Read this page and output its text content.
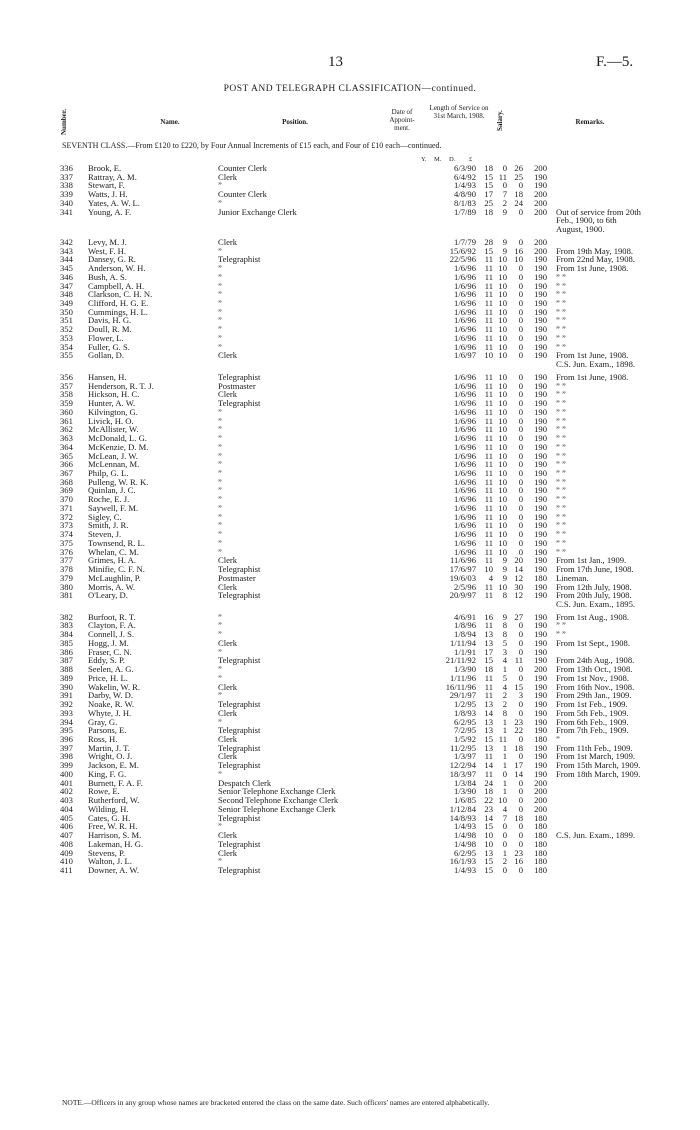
13	F.—5.
POST AND TELEGRAPH CLASSIFICATION—continued.
Number.	Name.	Position.
Date of Appoint- ment.
Length of Service on 31st March, 1908.	Salary.	Remarks.
SEVENTH CLASS.—From £120 to £220, by Four Annual Increments of £15 each, and Four of £10 each—continued.
Y. M. D. £
336	Brook, E.	Counter Clerk	6/3/90	18	0	26	200	
337	Rattray, A. M.	Clerk	6/4/92	15	11	25	190	
338	Stewart, F.	”	1/4/93	15	0	0	190	
339	Watts, J. H.	Counter Clerk	4/8/90	17	7	18	200	
340	Yates, A. W. L.	”	8/1/83	25	2	24	200	
341	Young, A. F.	Junior Exchange Clerk	1/7/89	18	9	0	200	Out of service from 20th
								Feb., 1900, to 6th
								August, 1900.

342	Levy, M. J.	Clerk	1/7/79	28	9	0	200	
343	West, F. H.	”	15/6/92	15	9	16	200	From 19th May, 1908.
344	Dansey, G. R.	Telegraphist	22/5/96	11	10	10	190	From 22nd May, 1908.
345	Anderson, W. H.	”	1/6/96	11	10	0	190	From 1st June, 1908.
346	Bush, A. S.	”	1/6/96	11	10	0	190	” ”
347	Campbell, A. H.	”	1/6/96	11	10	0	190	” ”
348	Clarkson, C. H. N.	”	1/6/96	11	10	0	190	” ”
349	Clifford, H. G. E.	”	1/6/96	11	10	0	190	” ”
350	Cummings, H. L.	”	1/6/96	11	10	0	190	” ”
351	Davis, H. G.	”	1/6/96	11	10	0	190	” ”
352	Doull, R. M.	”	1/6/96	11	10	0	190	” ”
353	Flower, L.	”	1/6/96	11	10	0	190	” ”
354	Fuller, G. S.	”	1/6/96	11	10	0	190	” ”
355	Gollan, D.	Clerk	1/6/97	10	10	0	190	From 1st June, 1908.
								C.S. Jun. Exam., 1898.

356	Hansen, H.	Telegraphist	1/6/96	11	10	0	190	From 1st June, 1908.
357	Henderson, R. T. J.	Postmaster	1/6/96	11	10	0	190	” ”
358	Hickson, H. C.	Clerk	1/6/96	11	10	0	190	” ”
359	Hunter, A. W.	Telegraphist	1/6/96	11	10	0	190	” ”
360	Kilvington, G.	”	1/6/96	11	10	0	190	” ”
361	Livick, H. O.	”	1/6/96	11	10	0	190	” ”
362	McAllister, W.	”	1/6/96	11	10	0	190	” ”
363	McDonald, L. G.	”	1/6/96	11	10	0	190	” ”
364	McKenzie, D. M.	”	1/6/96	11	10	0	190	” ”
365	McLean, J. W.	”	1/6/96	11	10	0	190	” ”
366	McLennan, M.	”	1/6/96	11	10	0	190	” ”
367	Philp, G. L.	”	1/6/96	11	10	0	190	” ”
368	Pulleng, W. R. K.	”	1/6/96	11	10	0	190	” ”
369	Quinlan, J. C.	”	1/6/96	11	10	0	190	” ”
370	Roche, E. J.	”	1/6/96	11	10	0	190	” ”
371	Saywell, F. M.	”	1/6/96	11	10	0	190	” ”
372	Sigley, C.	”	1/6/96	11	10	0	190	” ”
373	Smith, J. R.	”	1/6/96	11	10	0	190	” ”
374	Steven, J.	”	1/6/96	11	10	0	190	” ”
375	Townsend, R. L.	”	1/6/96	11	10	0	190	” ”
376	Whelan, C. M.	”	1/6/96	11	10	0	190	” ”
377	Grimes, H. A.	Clerk	11/6/96	11	9	20	190	From 1st Jan., 1909.
378	Minifie, C. F. N.	Telegraphist	17/6/97	10	9	14	190	From 17th June, 1908.
379	McLaughlin, P.	Postmaster	19/6/03	4	9	12	180	Lineman.
380	Morris, A. W.	Clerk	2/5/96	11	10	30	190	From 12th July, 1908.
381	O'Leary, D.	Telegraphist	20/9/97	11	8	12	190	From 20th July, 1908.
								C.S. Jun. Exam., 1895.

382	Burfoot, R. T.	”	4/6/91	16	9	27	190	From 1st Aug., 1908.
383	Clayton, F. A.	”	1/8/96	11	8	0	190	” ”
384	Connell, J. S.	”	1/8/94	13	8	0	190	” ”
385	Hogg, J. M.	Clerk	1/11/94	13	5	0	190	From 1st Sept., 1908.
386	Fraser, C. N.	”	1/1/91	17	3	0	190	
387	Eddy, S. P.	Telegraphist	21/11/92	15	4	11	190	From 24th Aug., 1908.
388	Seelen, A. G.	”	1/3/90	18	1	0	200	From 13th Oct., 1908.
389	Price, H. L.	”	1/11/96	11	5	0	190	From 1st Nov., 1908.
390	Wakelin, W. R.	Clerk	16/11/96	11	4	15	190	From 16th Nov., 1908.
391	Darby, W. D.	”	29/1/97	11	2	3	190	From 29th Jan., 1909.
392	Noake, R. W.	Telegraphist	1/2/95	13	2	0	190	From 1st Feb., 1909.
393	Whyte, J. H.	Clerk	1/8/93	14	8	0	190	From 5th Feb., 1909.
394	Gray, G.	”	6/2/95	13	1	23	190	From 6th Feb., 1909.
395	Parsons, E.	Telegraphist	7/2/95	13	1	22	190	From 7th Feb., 1909.
396	Ross, H.	Clerk	1/5/92	15	11	0	180	”
397	Martin, J. T.	Telegraphist	11/2/95	13	1	18	190	From 11th Feb., 1909.
398	Wright, O. J.	Clerk	1/3/97	11	1	0	190	From 1st March, 1909.
399	Jackson, E. M.	Telegraphist	12/2/94	14	1	17	190	From 15th March, 1909.
400	King, F. G.	”	18/3/97	11	0	14	190	From 18th March, 1909.
401	Burnett, F. A. F.	Despatch Clerk	1/3/84	24	1	0	200	
402	Rowe, E.	Senior Telephone Exchange Clerk	1/3/90	18	1	0	200	
403	Rutherford, W.	Second Telephone Exchange Clerk	1/6/85	22	10	0	200	
404	Wilding, H.	Senior Telephone Exchange Clerk	1/12/84	23	4	0	200	
405	Cates, G. H.	Telegraphist	14/8/93	14	7	18	180	
406	Free, W. R. H.	”	1/4/93	15	0	0	180	
407	Harrison, S. M.	Clerk	1/4/98	10	0	0	180	C.S. Jun. Exam., 1899.
408	Lakeman, H. G.	Telegraphist	1/4/98	10	0	0	180	
409	Stevens, P.	Clerk	6/2/95	13	1	23	180	
410	Walton, J. L.	”	16/1/93	15	2	16	180	
411	Downer, A. W.	Telegraphist	1/4/93	15	0	0	180	
NOTE.—Officers in any group whose names are bracketed entered the class on the same date. Such officers' names are entered alphabetically.
